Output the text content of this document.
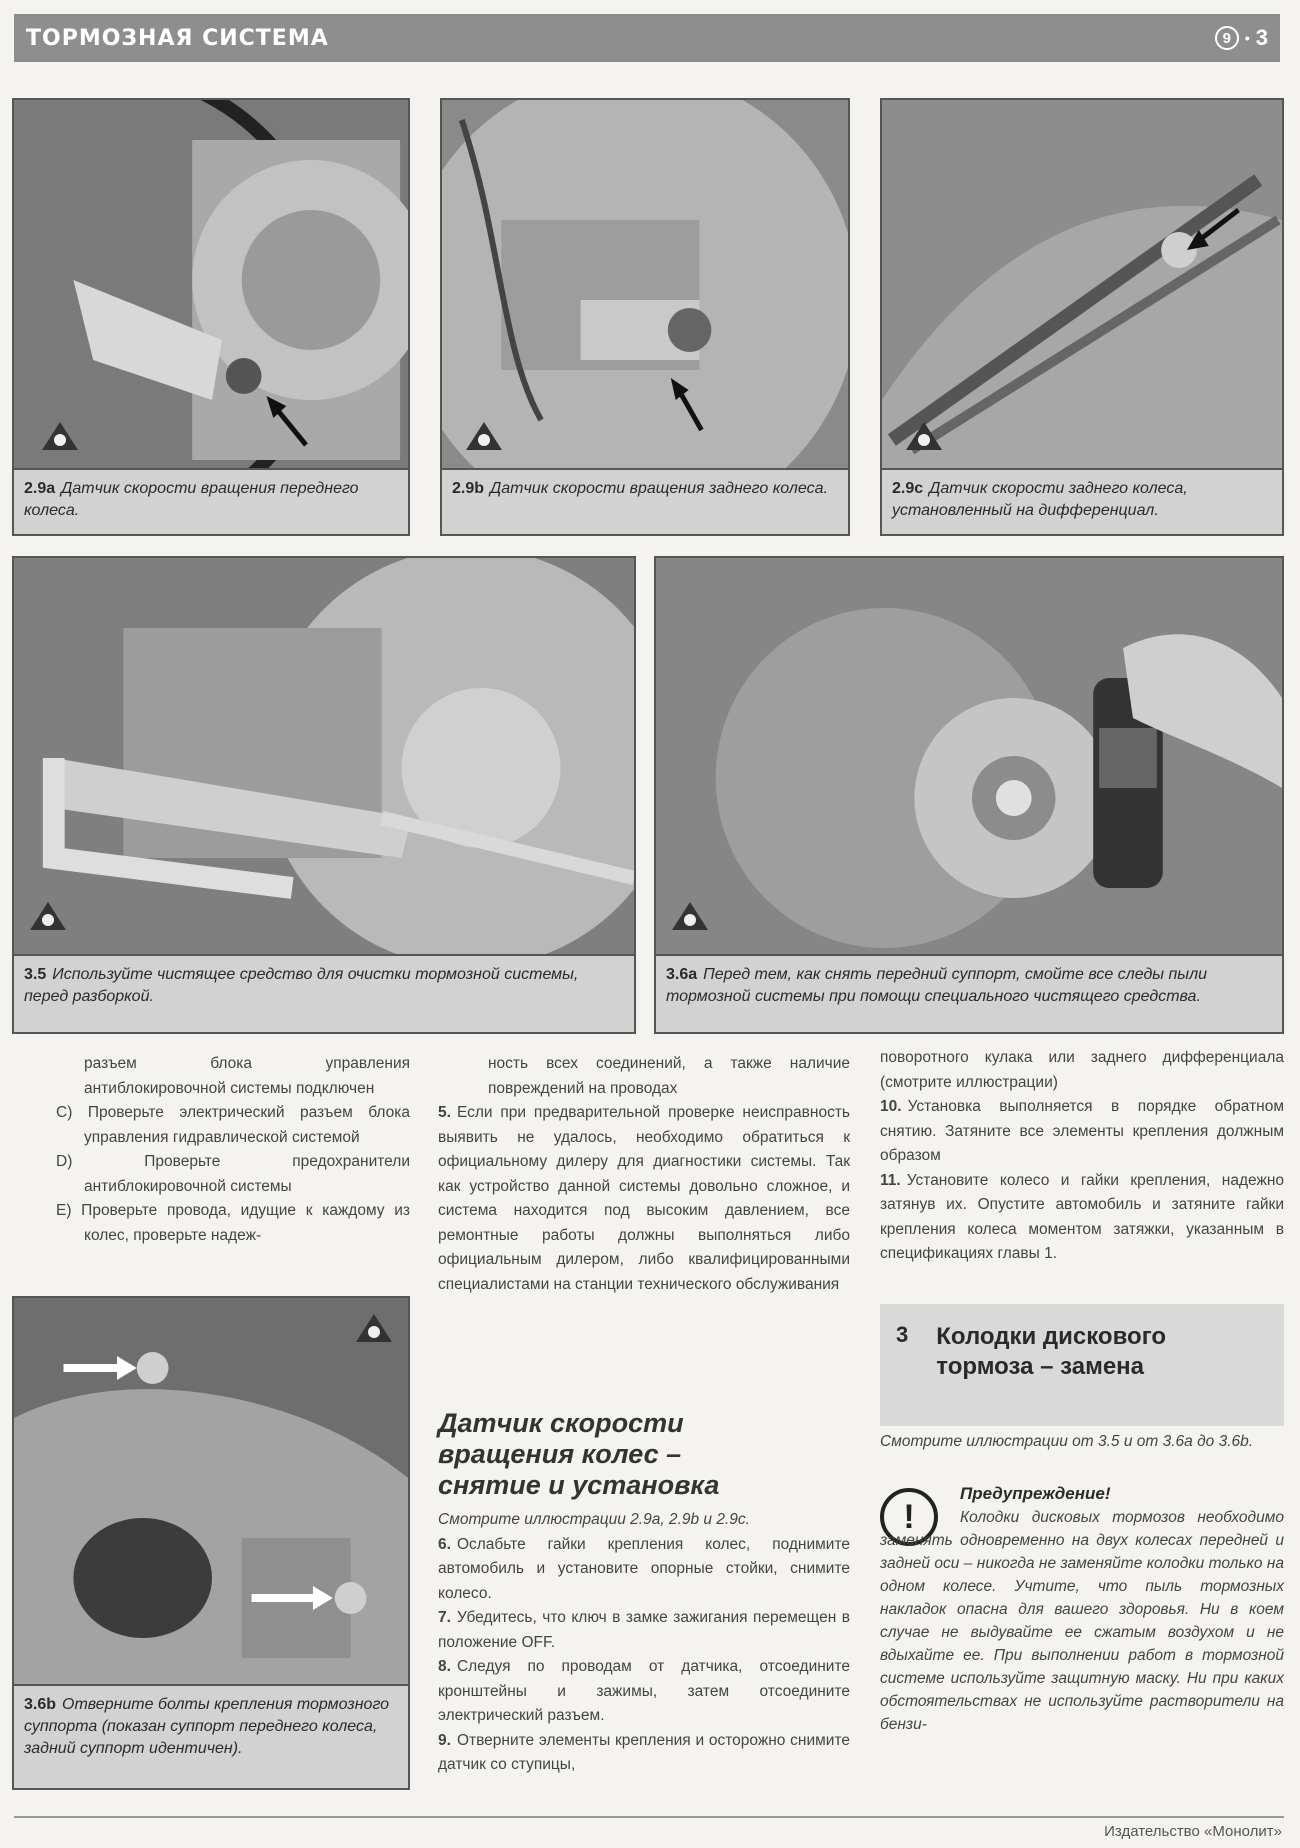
ТОРМОЗНАЯ СИСТЕМА	9 • 3
2.9a Датчик скорости вращения переднего колеса.
2.9b Датчик скорости вращения заднего колеса.	2.9c Датчик скорости заднего колеса, установленный на дифференциал.
3.5 Используйте чистящее средство для очистки тормозной системы, перед разборкой.
3.6a Перед тем, как снять передний суппорт, смойте все следы пыли тормозной системы при помощи специального чистящего средства.

разъем блока управления антиблокировочной системы подключен

C) Проверьте электрический разъем блока управления гидравлической системой

D) Проверьте предохранители антиблокировочной системы

E) Проверьте провода, идущие к каждому из колес, проверьте надеж-

3.6b Отверните болты крепления тормозного суппорта (показан суппорт переднего колеса, задний суппорт идентичен).

ность всех соединений, а также наличие повреждений на проводах

5. Если при предварительной проверке неисправность выявить не удалось, необходимо обратиться к официальному дилеру для диагностики системы. Так как устройство данной системы довольно сложное, и система находится под высоким давлением, все ремонтные работы должны выполняться либо официальным дилером, либо квалифицированными специалистами на станции технического обслуживания

Датчик скорости вращения колес – снятие и установка

Смотрите иллюстрации 2.9a, 2.9b и 2.9c.

6. Ослабьте гайки крепления колес, поднимите автомобиль и установите опорные стойки, снимите колесо.

7. Убедитесь, что ключ в замке зажигания перемещен в положение OFF.

8. Следуя по проводам от датчика, отсоедините кронштейны и зажимы, затем отсоедините электрический разъем.

9. Отверните элементы крепления и осторожно снимите датчик со ступицы,

поворотного кулака или заднего дифференциала (смотрите иллюстрации)

10. Установка выполняется в порядке обратном снятию. Затяните все элементы крепления должным образом

11. Установите колесо и гайки крепления, надежно затянув их. Опустите автомобиль и затяните гайки крепления колеса моментом затяжки, указанным в спецификациях главы 1.

3 Колодки дискового тормоза – замена

Смотрите иллюстрации от 3.5 и от 3.6a до 3.6b.

!
Предупреждение!
Колодки дисковых тормозов необходимо заменять одновременно на двух колесах передней и задней оси – никогда не заменяйте колодки только на одном колесе. Учтите, что пыль тормозных накладок опасна для вашего здоровья. Ни в коем случае не выдувайте ее сжатым воздухом и не вдыхайте ее. При выполнении работ в тормозной системе используйте защитную маску. Ни при каких обстоятельствах не используйте растворители на бензи-
Издательство «Монолит»
